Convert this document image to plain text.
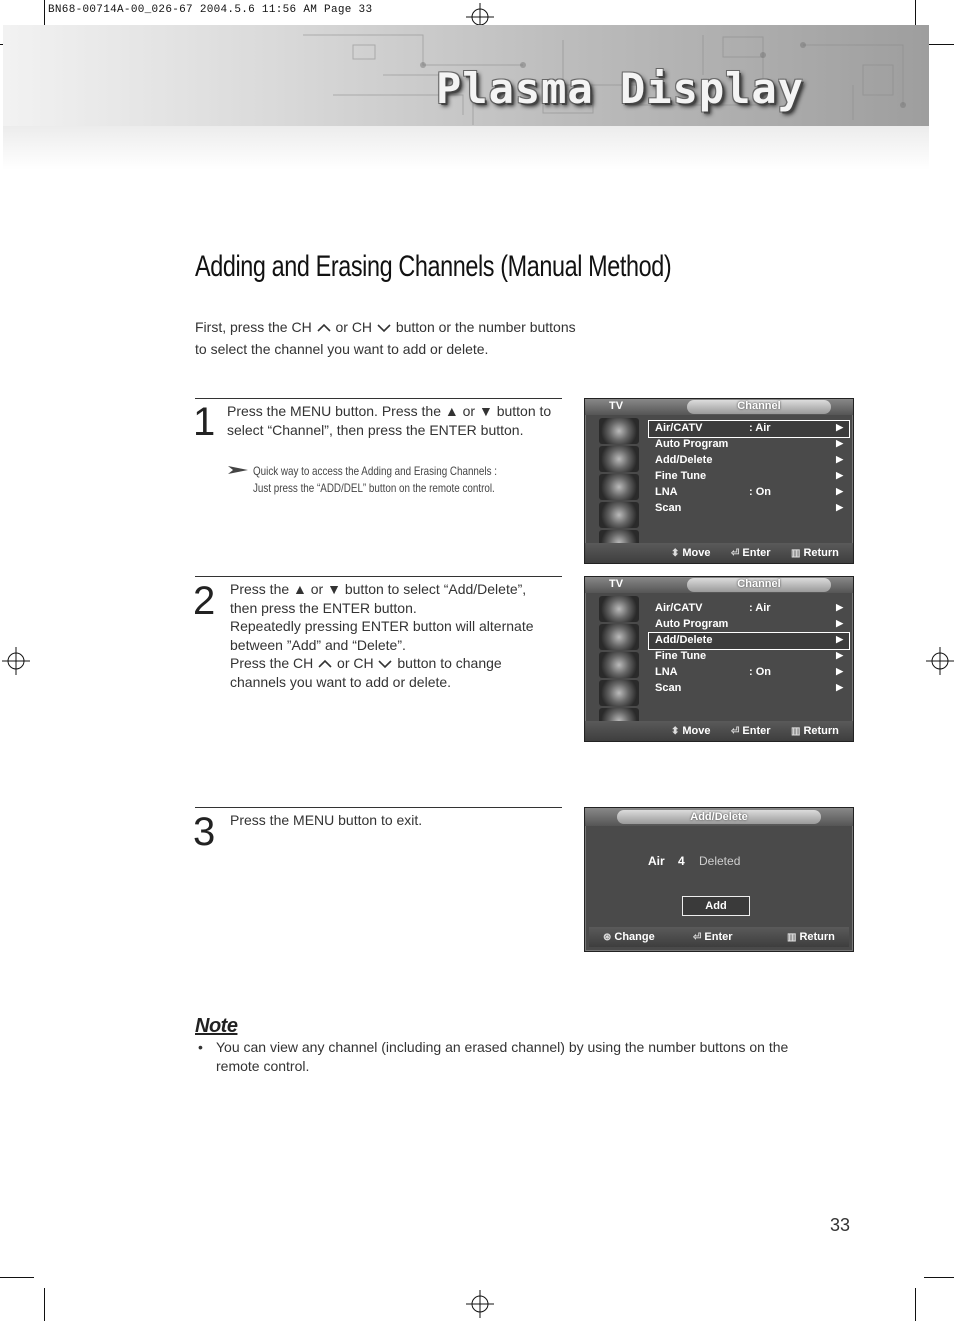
BN68-00714A-00_026-67 2004.5.6 11:56 AM Page 33
Plasma Display
Adding and Erasing Channels (Manual Method)
First, press the CH or CH button or the number buttons
to select the channel you want to add or delete.
1 Press the MENU button. Press the ▲ or ▼ button to
select “Channel”, then press the ENTER button.
Quick way to access the Adding and Erasing Channels :
Just press the “ADD/DEL” button on the remote control.
TV	Channel
Air/CATV	: Air	▶
Auto Program	▶
Add/Delete	▶
Fine Tune	▶
LNA	: On	▶
Scan	▶
⬍ Move ⏎ Enter ▥ Return
2 Press the ▲ or ▼ button to select “Add/Delete”,
then press the ENTER button.
Repeatedly pressing ENTER button will alternate
between ”Add” and “Delete”.
Press the CH or CH button to change
channels you want to add or delete.
TV	Channel
Air/CATV	: Air	▶
Auto Program	▶
Add/Delete	▶
Fine Tune	▶
LNA	: On	▶
Scan	▶
⬍ Move ⏎ Enter ▥ Return
3 Press the MENU button to exit.	Add/Delete
Air 4 Deleted
Add
⊛ Change	⏎ Enter	▥ Return
Note
• You can view any channel (including an erased channel) by using the number buttons on the remote control.
33
